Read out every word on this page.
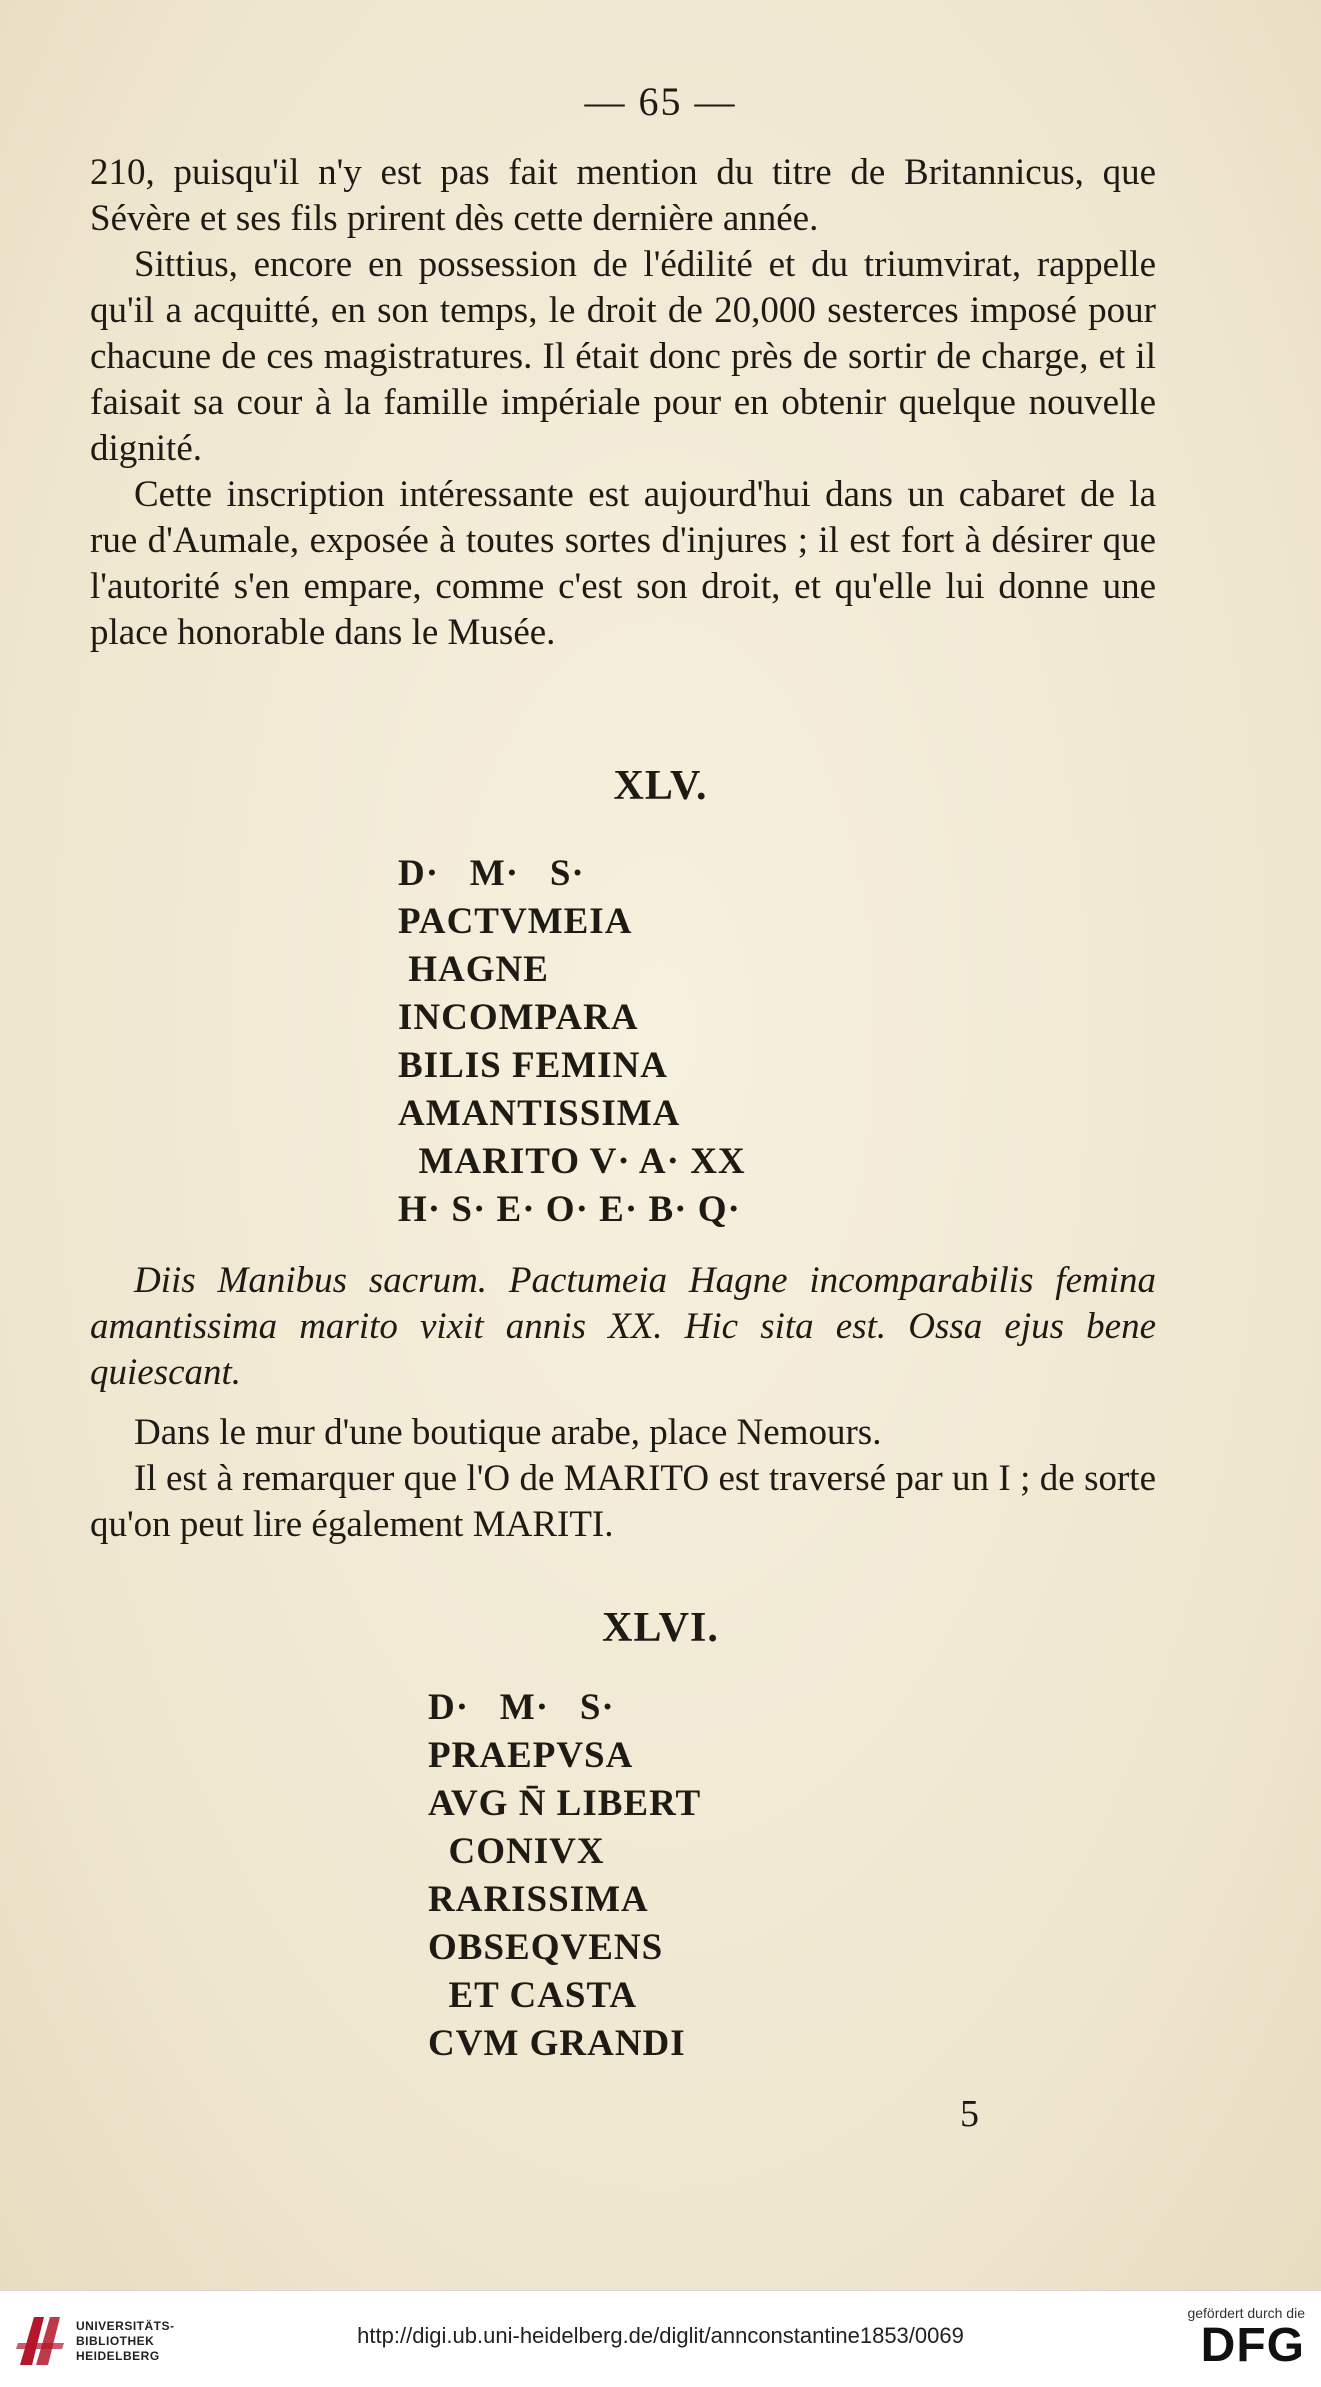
— 65 —

210, puisqu'il n'y est pas fait mention du titre de Britannicus, que Sévère et ses fils prirent dès cette dernière année.

Sittius, encore en possession de l'édilité et du triumvirat, rappelle qu'il a acquitté, en son temps, le droit de 20,000 sesterces imposé pour chacune de ces magistratures. Il était donc près de sortir de charge, et il faisait sa cour à la famille impériale pour en obtenir quelque nouvelle dignité.

Cette inscription intéressante est aujourd'hui dans un cabaret de la rue d'Aumale, exposée à toutes sortes d'injures ; il est fort à désirer que l'autorité s'en empare, comme c'est son droit, et qu'elle lui donne une place honorable dans le Musée.

XLV.
D·   M·   S·
PACTVMEIA
HAGNE
INCOMPARA
BILIS FEMINA
AMANTISSIMA
MARITO V· A· XX
H· S· E· O· E· B· Q·

Diis Manibus sacrum. Pactumeia Hagne incomparabilis femina amantissima marito vixit annis XX. Hic sita est. Ossa ejus bene quiescant.

Dans le mur d'une boutique arabe, place Nemours.

Il est à remarquer que l'O de MARITO est traversé par un I ; de sorte qu'on peut lire également MARITI.

XLVI.
D·   M·   S·
PRAEPVSA
AVG N̄ LIBERT
CONIVX
RARISSIMA
OBSEQVENS
ET CASTA
CVM GRANDI
5
UNIVERSITÄTS-
BIBLIOTHEK
HEIDELBERG
http://digi.ub.uni-heidelberg.de/diglit/annconstantine1853/0069
gefördert durch die
DFG
